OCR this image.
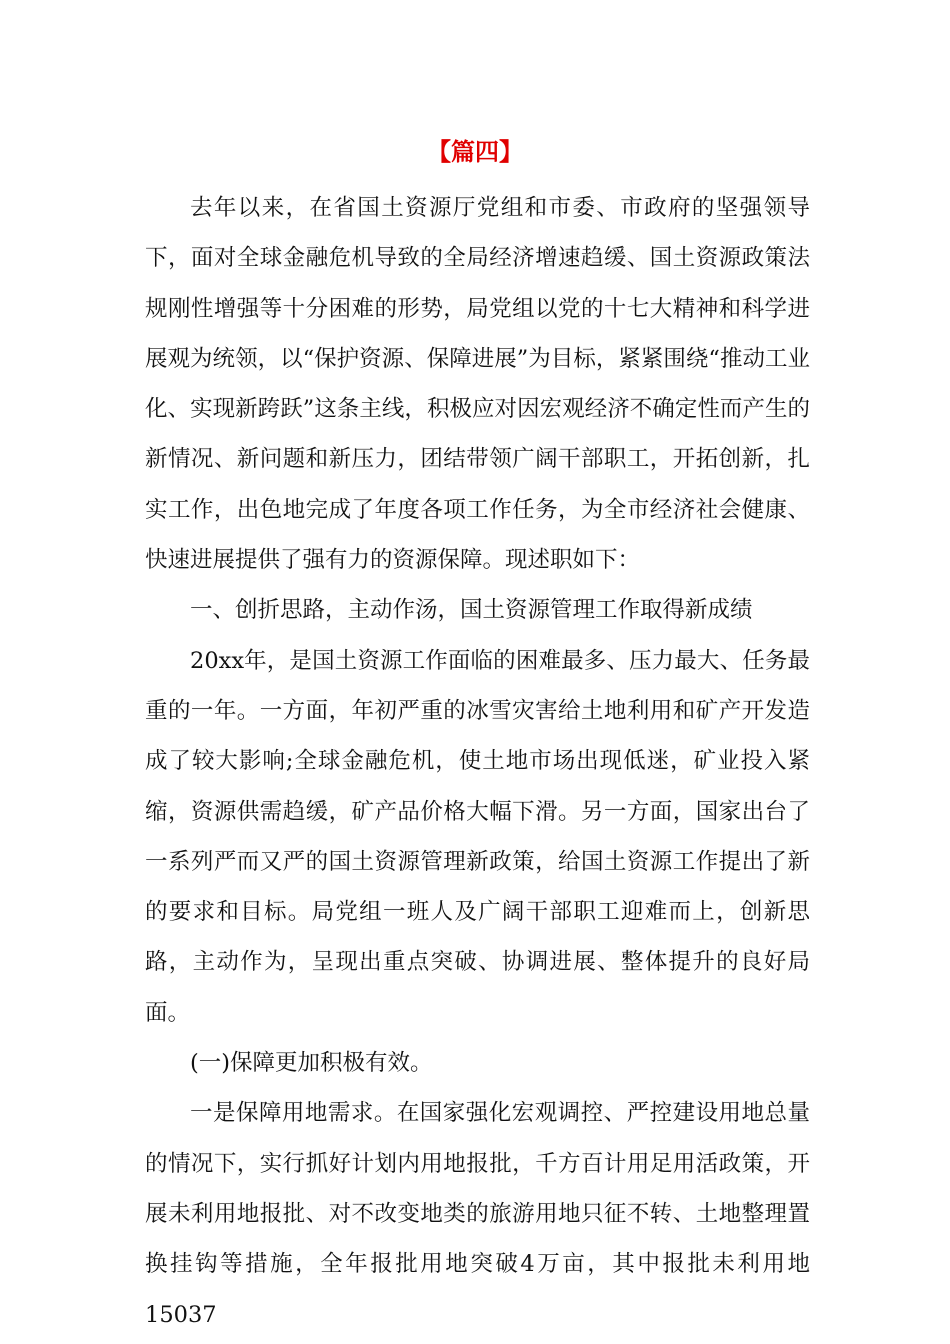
【篇四】

去年以来，在省国土资源厅党组和市委、市政府的坚强领导下，面对全球金融危机导致的全局经济增速趋缓、国土资源政策法规刚性增强等十分困难的形势，局党组以党的十七大精神和科学进展观为统领，以“保护资源、保障进展”为目标，紧紧围绕“推动工业化、实现新跨跃”这条主线，积极应对因宏观经济不确定性而产生的新情况、新问题和新压力，团结带领广阔干部职工，开拓创新，扎实工作，出色地完成了年度各项工作任务，为全市经济社会健康、快速进展提供了强有力的资源保障。现述职如下：

一、创折思路，主动作汤，国土资源管理工作取得新成绩

20xx年，是国土资源工作面临的困难最多、压力最大、任务最重的一年。一方面，年初严重的冰雪灾害给土地利用和矿产开发造成了较大影响;全球金融危机，使土地市场出现低迷，矿业投入紧缩，资源供需趋缓，矿产品价格大幅下滑。另一方面，国家出台了一系列严而又严的国土资源管理新政策，给国土资源工作提出了新的要求和目标。局党组一班人及广阔干部职工迎难而上，创新思路，主动作为，呈现出重点突破、协调进展、整体提升的良好局面。

(一)保障更加积极有效。

一是保障用地需求。在国家强化宏观调控、严控建设用地总量的情况下，实行抓好计划内用地报批，千方百计用足用活政策，开展未利用地报批、对不改变地类的旅游用地只征不转、土地整理置换挂钩等措施，全年报批用地突破4万亩，其中报批未利用地15037
